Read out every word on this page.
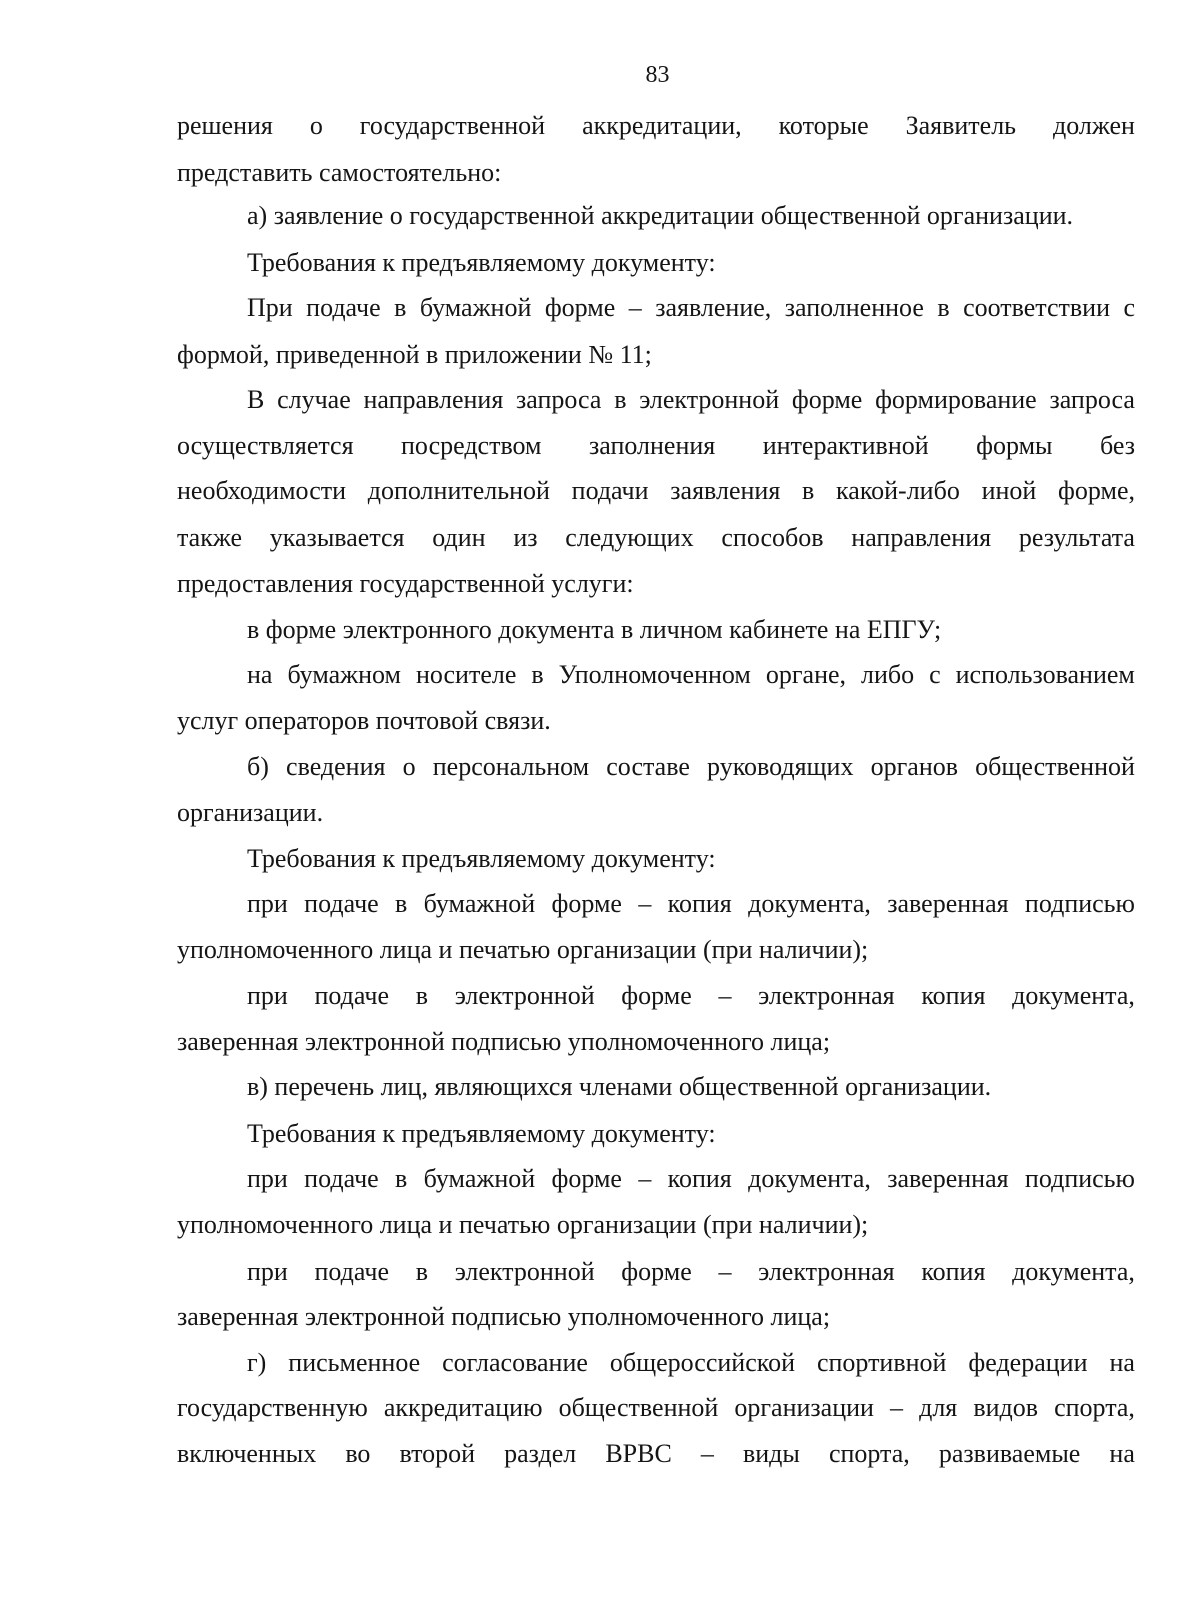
83
решения о государственной аккредитации, которые Заявитель должен
представить самостоятельно:
а) заявление о государственной аккредитации общественной организации.
Требования к предъявляемому документу:
При подаче в бумажной форме – заявление, заполненное в соответствии с
формой, приведенной в приложении № 11;
В случае направления запроса в электронной форме формирование запроса
осуществляется посредством заполнения интерактивной формы без
необходимости дополнительной подачи заявления в какой-либо иной форме,
также указывается один из следующих способов направления результата
предоставления государственной услуги:
в форме электронного документа в личном кабинете на ЕПГУ;
на бумажном носителе в Уполномоченном органе, либо с использованием
услуг операторов почтовой связи.
б) сведения о персональном составе руководящих органов общественной
организации.
Требования к предъявляемому документу:
при подаче в бумажной форме – копия документа, заверенная подписью
уполномоченного лица и печатью организации (при наличии);
при подаче в электронной форме – электронная копия документа,
заверенная электронной подписью уполномоченного лица;
в) перечень лиц, являющихся членами общественной организации.
Требования к предъявляемому документу:
при подаче в бумажной форме – копия документа, заверенная подписью
уполномоченного лица и печатью организации (при наличии);
при подаче в электронной форме – электронная копия документа,
заверенная электронной подписью уполномоченного лица;
г) письменное согласование общероссийской спортивной федерации на
государственную аккредитацию общественной организации – для видов спорта,
включенных во второй раздел ВРВС – виды спорта, развиваемые на
